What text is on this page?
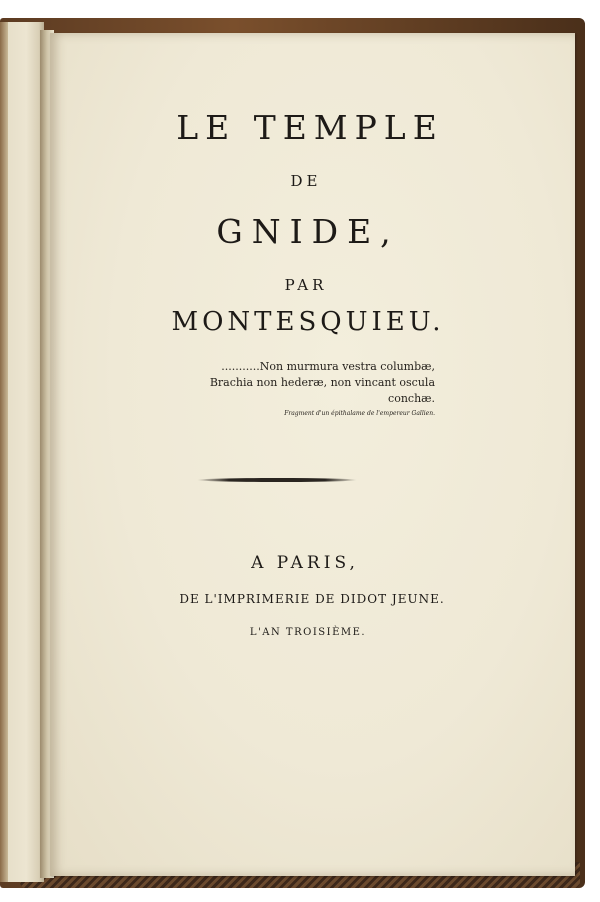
LE TEMPLE
DE
GNIDE,
PAR
MONTESQUIEU.
...........Non murmura vestra columbæ,
Brachia non hederæ, non vincant oscula conchæ.
Fragment d'un épithalame de l'empereur Gallien.
A PARIS,
DE L'IMPRIMERIE DE DIDOT JEUNE.
L'AN TROISIÈME.
